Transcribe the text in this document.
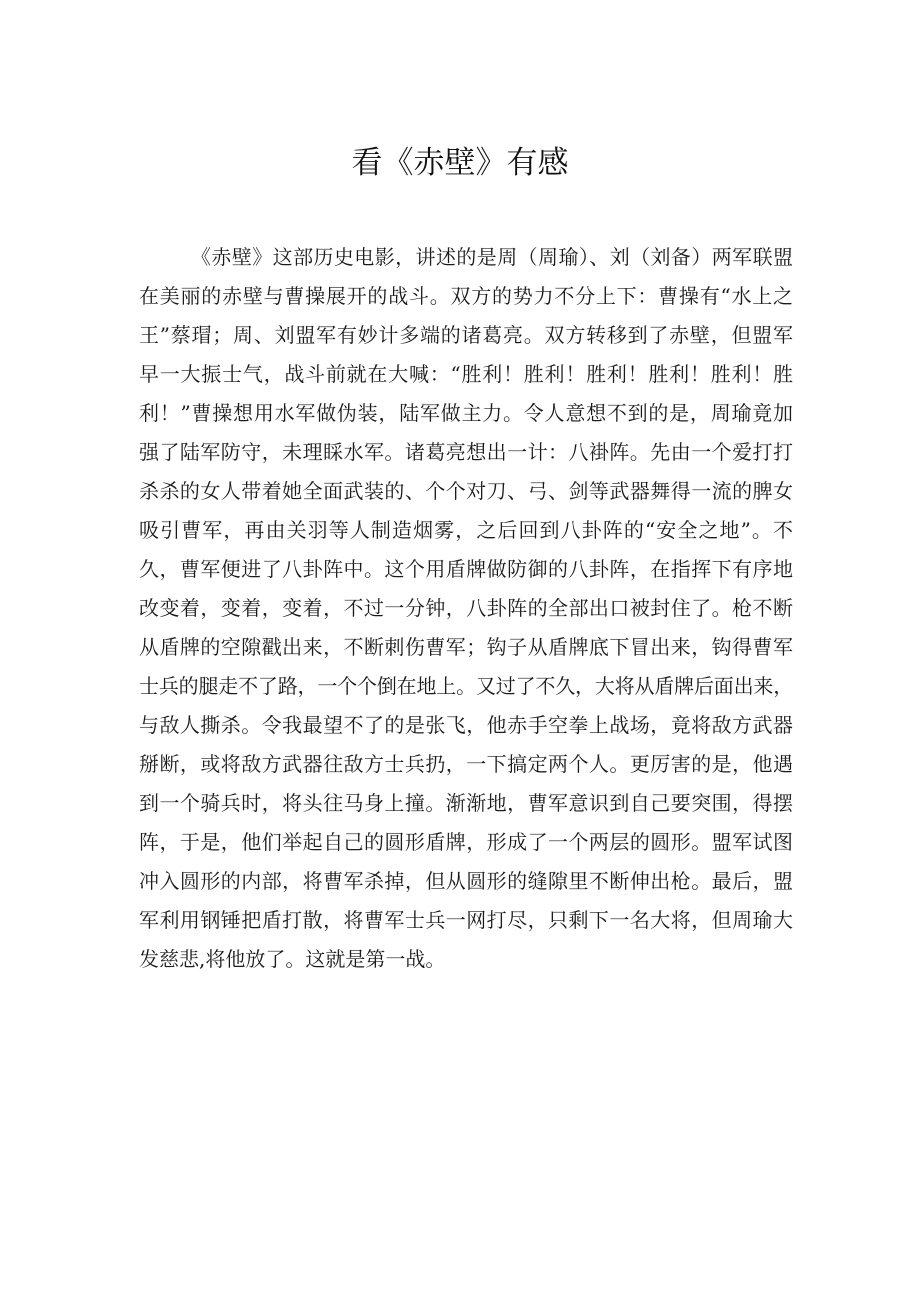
看《赤壁》有感
《赤壁》这部历史电影，讲述的是周（周瑜）、刘（刘备）两军联盟
在美丽的赤壁与曹操展开的战斗。双方的势力不分上下：曹操有“水上之
王”蔡瑁；周、刘盟军有妙计多端的诸葛亮。双方转移到了赤壁，但盟军
早一大振士气，战斗前就在大喊：“胜利！胜利！胜利！胜利！胜利！胜
利！”曹操想用水军做伪装，陆军做主力。令人意想不到的是，周瑜竟加
强了陆军防守，未理睬水军。诸葛亮想出一计：八褂阵。先由一个爱打打
杀杀的女人带着她全面武装的、个个对刀、弓、剑等武器舞得一流的脾女
吸引曹军，再由关羽等人制造烟雾，之后回到八卦阵的“安全之地”。不
久，曹军便进了八卦阵中。这个用盾牌做防御的八卦阵，在指挥下有序地
改变着，变着，变着，不过一分钟，八卦阵的全部出口被封住了。枪不断
从盾牌的空隙戳出来，不断刺伤曹军；钩子从盾牌底下冒出来，钩得曹军
士兵的腿走不了路，一个个倒在地上。又过了不久，大将从盾牌后面出来，
与敌人撕杀。令我最望不了的是张飞，他赤手空拳上战场，竟将敌方武器
掰断，或将敌方武器往敌方士兵扔，一下搞定两个人。更厉害的是，他遇
到一个骑兵时，将头往马身上撞。渐渐地，曹军意识到自己要突围，得摆
阵，于是，他们举起自己的圆形盾牌，形成了一个两层的圆形。盟军试图
冲入圆形的内部，将曹军杀掉，但从圆形的缝隙里不断伸出枪。最后，盟
军利用钢锤把盾打散，将曹军士兵一网打尽，只剩下一名大将，但周瑜大
发慈悲,将他放了。这就是第一战。
